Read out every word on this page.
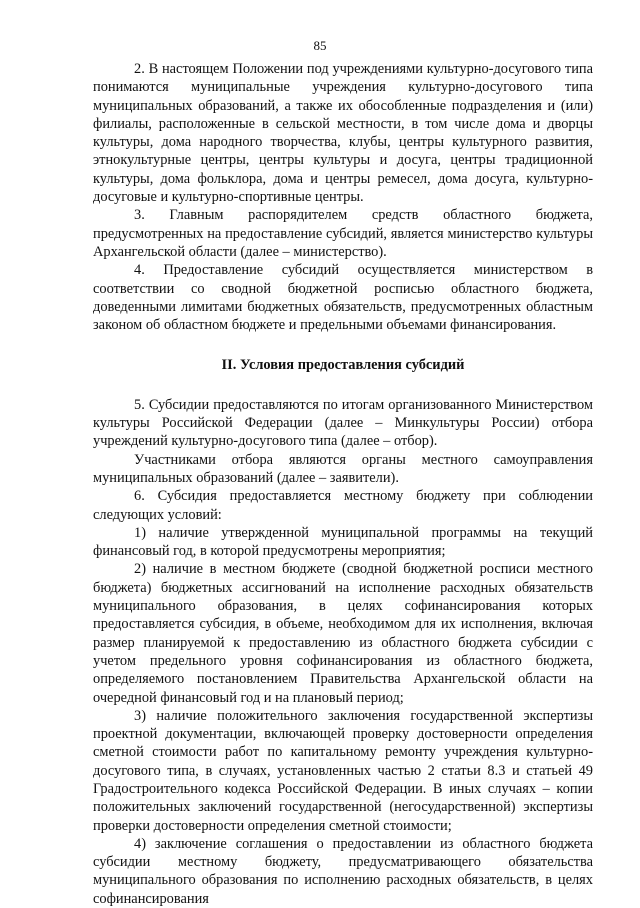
85

2. В настоящем Положении под учреждениями культурно-досугового типа понимаются муниципальные учреждения культурно-досугового типа муниципальных образований, а также их обособленные подразделения и (или) филиалы, расположенные в сельской местности, в том числе дома и дворцы культуры, дома народного творчества, клубы, центры культурного развития, этнокультурные центры, центры культуры и досуга, центры традиционной культуры, дома фольклора, дома и центры ремесел, дома досуга, культурно-досуговые и культурно-спортивные центры.

3. Главным распорядителем средств областного бюджета, предусмотренных на предоставление субсидий, является министерство культуры Архангельской области (далее – министерство).

4. Предоставление субсидий осуществляется министерством в соответствии со сводной бюджетной росписью областного бюджета, доведенными лимитами бюджетных обязательств, предусмотренных областным законом об областном бюджете и предельными объемами финансирования.

II. Условия предоставления субсидий

5. Субсидии предоставляются по итогам организованного Министерством культуры Российской Федерации (далее – Минкультуры России) отбора учреждений культурно-досугового типа (далее – отбор).

Участниками отбора являются органы местного самоуправления муниципальных образований (далее – заявители).

6. Субсидия предоставляется местному бюджету при соблюдении следующих условий:

1) наличие утвержденной муниципальной программы на текущий финансовый год, в которой предусмотрены мероприятия;

2) наличие в местном бюджете (сводной бюджетной росписи местного бюджета) бюджетных ассигнований на исполнение расходных обязательств муниципального образования, в целях софинансирования которых предоставляется субсидия, в объеме, необходимом для их исполнения, включая размер планируемой к предоставлению из областного бюджета субсидии с учетом предельного уровня софинансирования из областного бюджета, определяемого постановлением Правительства Архангельской области на очередной финансовый год и на плановый период;

3) наличие положительного заключения государственной экспертизы проектной документации, включающей проверку достоверности определения сметной стоимости работ по капитальному ремонту учреждения культурно-досугового типа, в случаях, установленных частью 2 статьи 8.3 и статьей 49 Градостроительного кодекса Российской Федерации. В иных случаях – копии положительных заключений государственной (негосударственной) экспертизы проверки достоверности определения сметной стоимости;

4) заключение соглашения о предоставлении из областного бюджета субсидии местному бюджету, предусматривающего обязательства муниципального образования по исполнению расходных обязательств, в целях софинансирования
